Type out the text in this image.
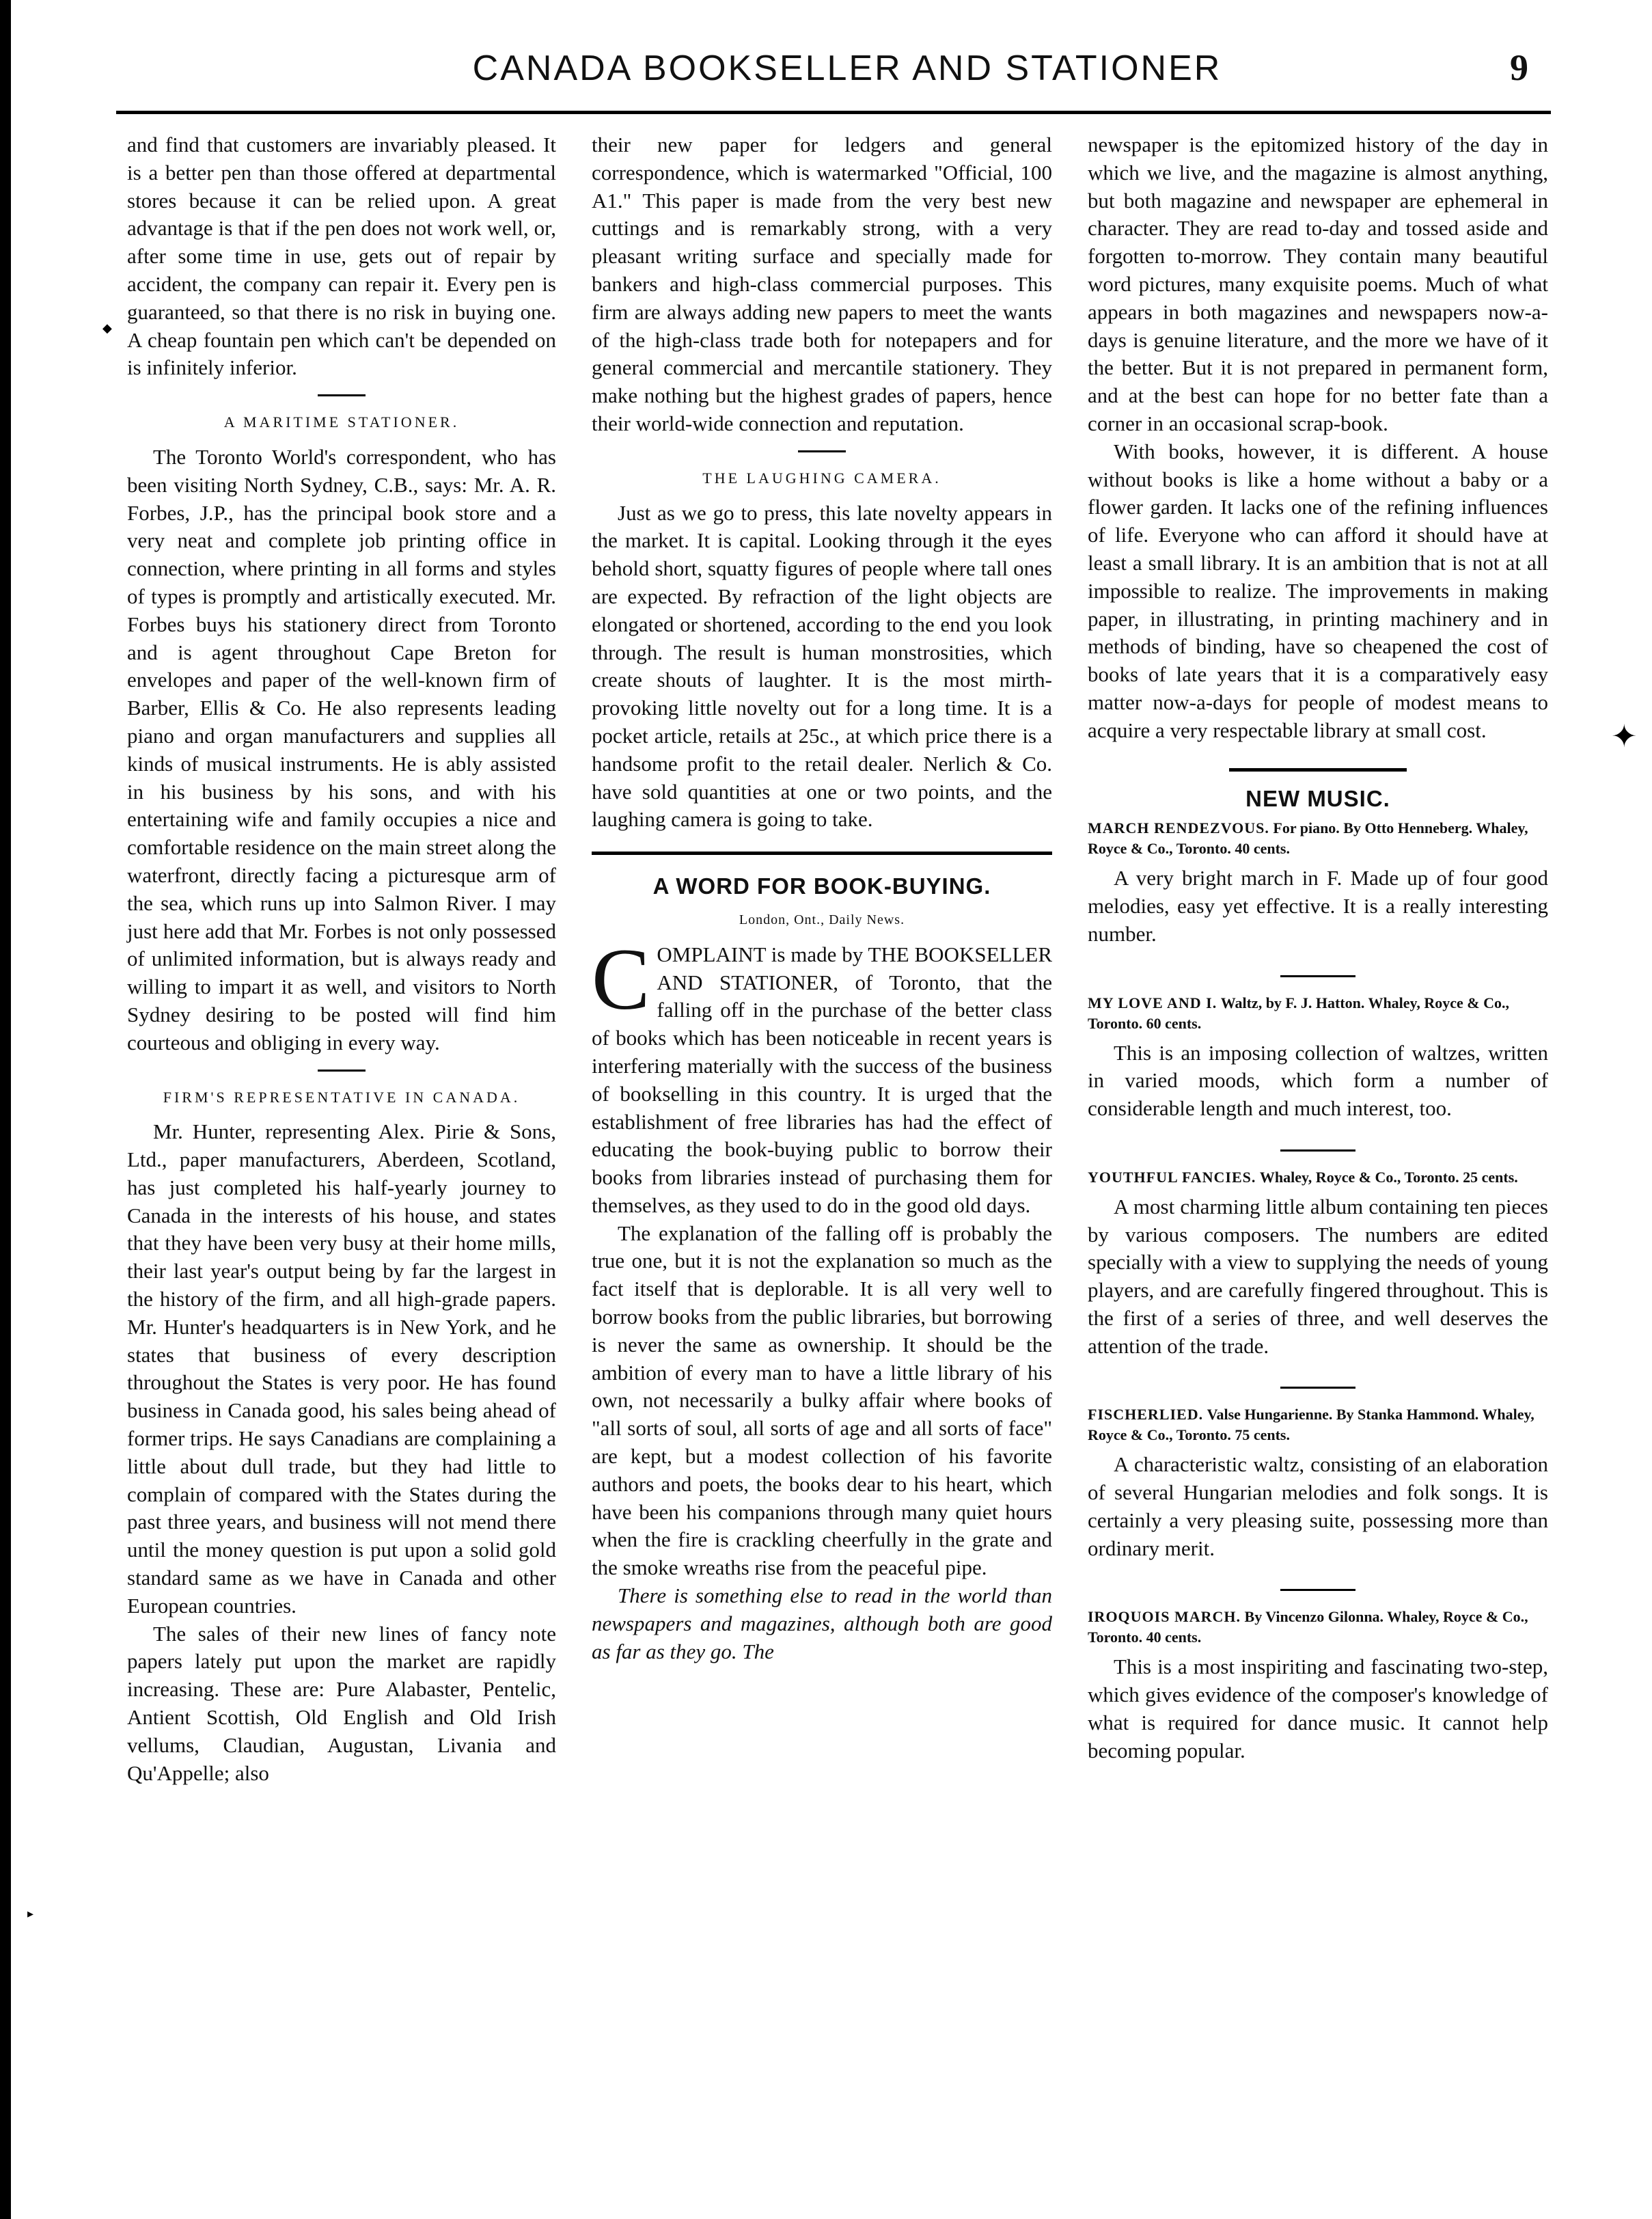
CANADA BOOKSELLER AND STATIONER	9

and find that customers are invariably pleased. It is a better pen than those offered at departmental stores because it can be relied upon. A great advantage is that if the pen does not work well, or, after some time in use, gets out of repair by accident, the company can repair it. Every pen is guaranteed, so that there is no risk in buying one. A cheap fountain pen which can't be depended on is infinitely inferior.

A MARITIME STATIONER.

The Toronto World's correspondent, who has been visiting North Sydney, C.B., says: Mr. A. R. Forbes, J.P., has the principal book store and a very neat and complete job printing office in connection, where printing in all forms and styles of types is promptly and artistically executed. Mr. Forbes buys his stationery direct from Toronto and is agent throughout Cape Breton for envelopes and paper of the well-known firm of Barber, Ellis & Co. He also represents leading piano and organ manufacturers and supplies all kinds of musical instruments. He is ably assisted in his business by his sons, and with his entertaining wife and family occupies a nice and comfortable residence on the main street along the waterfront, directly facing a picturesque arm of the sea, which runs up into Salmon River. I may just here add that Mr. Forbes is not only possessed of unlimited information, but is always ready and willing to impart it as well, and visitors to North Sydney desiring to be posted will find him courteous and obliging in every way.

FIRM'S REPRESENTATIVE IN CANADA.

Mr. Hunter, representing Alex. Pirie & Sons, Ltd., paper manufacturers, Aberdeen, Scotland, has just completed his half-yearly journey to Canada in the interests of his house, and states that they have been very busy at their home mills, their last year's output being by far the largest in the history of the firm, and all high-grade papers. Mr. Hunter's headquarters is in New York, and he states that business of every description throughout the States is very poor. He has found business in Canada good, his sales being ahead of former trips. He says Canadians are complaining a little about dull trade, but they had little to complain of compared with the States during the past three years, and business will not mend there until the money question is put upon a solid gold standard same as we have in Canada and other European countries.

The sales of their new lines of fancy note papers lately put upon the market are rapidly increasing. These are: Pure Alabaster, Pentelic, Antient Scottish, Old English and Old Irish vellums, Claudian, Augustan, Livania and Qu'Appelle; also

their new paper for ledgers and general correspondence, which is watermarked "Official, 100 A1." This paper is made from the very best new cuttings and is remarkably strong, with a very pleasant writing surface and specially made for bankers and high-class commercial purposes. This firm are always adding new papers to meet the wants of the high-class trade both for notepapers and for general commercial and mercantile stationery. They make nothing but the highest grades of papers, hence their world-wide connection and reputation.

THE LAUGHING CAMERA.

Just as we go to press, this late novelty appears in the market. It is capital. Looking through it the eyes behold short, squatty figures of people where tall ones are expected. By refraction of the light objects are elongated or shortened, according to the end you look through. The result is human monstrosities, which create shouts of laughter. It is the most mirth-provoking little novelty out for a long time. It is a pocket article, retails at 25c., at which price there is a handsome profit to the retail dealer. Nerlich & Co. have sold quantities at one or two points, and the laughing camera is going to take.

A WORD FOR BOOK-BUYING.
London, Ont., Daily News.

COMPLAINT is made by THE BOOKSELLER AND STATIONER, of Toronto, that the falling off in the purchase of the better class of books which has been noticeable in recent years is interfering materially with the success of the business of bookselling in this country. It is urged that the establishment of free libraries has had the effect of educating the book-buying public to borrow their books from libraries instead of purchasing them for themselves, as they used to do in the good old days.

The explanation of the falling off is probably the true one, but it is not the explanation so much as the fact itself that is deplorable. It is all very well to borrow books from the public libraries, but borrowing is never the same as ownership. It should be the ambition of every man to have a little library of his own, not necessarily a bulky affair where books of "all sorts of soul, all sorts of age and all sorts of face" are kept, but a modest collection of his favorite authors and poets, the books dear to his heart, which have been his companions through many quiet hours when the fire is crackling cheerfully in the grate and the smoke wreaths rise from the peaceful pipe.

There is something else to read in the world than newspapers and magazines, although both are good as far as they go. The

newspaper is the epitomized history of the day in which we live, and the magazine is almost anything, but both magazine and newspaper are ephemeral in character. They are read to-day and tossed aside and forgotten to-morrow. They contain many beautiful word pictures, many exquisite poems. Much of what appears in both magazines and newspapers now-a-days is genuine literature, and the more we have of it the better. But it is not prepared in permanent form, and at the best can hope for no better fate than a corner in an occasional scrap-book.

With books, however, it is different. A house without books is like a home without a baby or a flower garden. It lacks one of the refining influences of life. Everyone who can afford it should have at least a small library. It is an ambition that is not at all impossible to realize. The improvements in making paper, in illustrating, in printing machinery and in methods of binding, have so cheapened the cost of books of late years that it is a comparatively easy matter now-a-days for people of modest means to acquire a very respectable library at small cost.

NEW MUSIC.
MARCH RENDEZVOUS. For piano. By Otto Henneberg. Whaley, Royce & Co., Toronto. 40 cents.

A very bright march in F. Made up of four good melodies, easy yet effective. It is a really interesting number.

MY LOVE AND I. Waltz, by F. J. Hatton. Whaley, Royce & Co., Toronto. 60 cents.

This is an imposing collection of waltzes, written in varied moods, which form a number of considerable length and much interest, too.

YOUTHFUL FANCIES. Whaley, Royce & Co., Toronto. 25 cents.

A most charming little album containing ten pieces by various composers. The numbers are edited specially with a view to supplying the needs of young players, and are carefully fingered throughout. This is the first of a series of three, and well deserves the attention of the trade.

FISCHERLIED. Valse Hungarienne. By Stanka Hammond. Whaley, Royce & Co., Toronto. 75 cents.

A characteristic waltz, consisting of an elaboration of several Hungarian melodies and folk songs. It is certainly a very pleasing suite, possessing more than ordinary merit.

IROQUOIS MARCH. By Vincenzo Gilonna. Whaley, Royce & Co., Toronto. 40 cents.

This is a most inspiriting and fascinating two-step, which gives evidence of the composer's knowledge of what is required for dance music. It cannot help becoming popular.

✦
◆
▸
